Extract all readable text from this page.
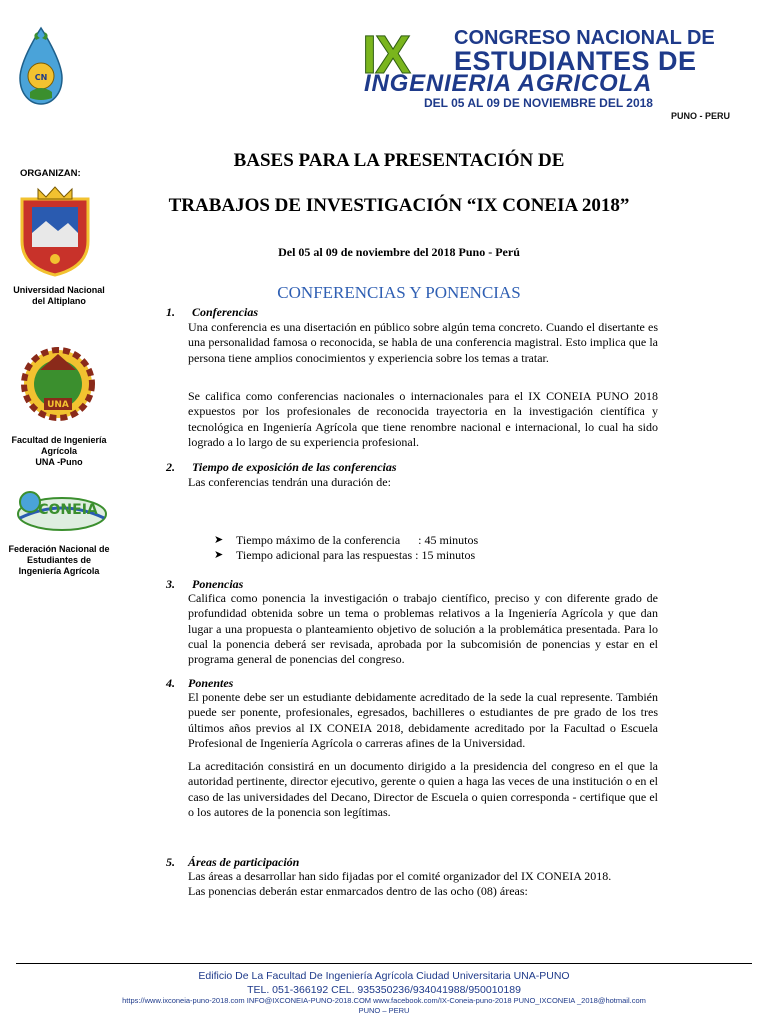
CN	IX CONGRESO NACIONAL DE
ESTUDIANTES DE
INGENIERIA AGRICOLA
DEL 05 AL 09 DE NOVIEMBRE DEL 2018
PUNO - PERU
ORGANIZAN:
Universidad Nacional
del Altiplano
UNA
Facultad de Ingeniería
Agrícola
UNA -Puno
CONEIA
Federación Nacional de
Estudiantes de
Ingeniería Agrícola
BASES PARA LA PRESENTACIÓN DE
TRABAJOS DE INVESTIGACIÓN “IX CONEIA 2018”
Del 05 al 09 de noviembre del 2018 Puno - Perú
CONFERENCIAS Y PONENCIAS
1. Conferencias
Una conferencia es una disertación en público sobre algún tema concreto. Cuando el disertante es una personalidad famosa o reconocida, se habla de una conferencia magistral. Esto implica que la persona tiene amplios conocimientos y experiencia sobre los temas a tratar.
Se califica como conferencias nacionales o internacionales para el IX CONEIA PUNO 2018 expuestos por los profesionales de reconocida trayectoria en la investigación científica y tecnológica en Ingeniería Agrícola que tiene renombre nacional e internacional, lo cual ha sido logrado a lo largo de su experiencia profesional.
2. Tiempo de exposición de las conferencias
Las conferencias tendrán una duración de:
➤ Tiempo máximo de la conferencia      : 45 minutos
➤ Tiempo adicional para las respuestas : 15 minutos
3. Ponencias
Califica como ponencia la investigación o trabajo científico, preciso y con diferente grado de profundidad obtenida sobre un tema o problemas relativos a la Ingeniería Agrícola y que dan lugar a una propuesta o planteamiento objetivo de solución a la problemática presentada. Para lo cual la ponencia deberá ser revisada, aprobada por la subcomisión de ponencias y estar en el programa general de ponencias del congreso.
4. Ponentes
El ponente debe ser un estudiante debidamente acreditado de la sede la cual represente. También puede ser ponente, profesionales, egresados, bachilleres o estudiantes de pre grado de los tres últimos años previos al IX CONEIA 2018, debidamente acreditado por la Facultad o Escuela Profesional de Ingeniería Agrícola o carreras afines de la Universidad.
La acreditación consistirá en un documento dirigido a la presidencia del congreso en el que la autoridad pertinente, director ejecutivo, gerente o quien a haga las veces de una institución o en el caso de las universidades del Decano, Director de Escuela o quien corresponda - certifique que el o los autores de la ponencia son legítimas.
5. Áreas de participación
Las áreas a desarrollar han sido fijadas por el comité organizador del IX CONEIA 2018.
Las ponencias deberán estar enmarcados dentro de las ocho (08) áreas:
Edificio De La Facultad De Ingeniería Agrícola Ciudad Universitaria UNA-PUNO
TEL. 051-366192 CEL. 935350236/934041988/950010189
https://www.ixconeia-puno-2018.com INFO@IXCONEIA-PUNO-2018.COM www.facebook.com/IX-Coneia-puno-2018 PUNO_IXCONEIA _2018@hotmail.com
PUNO – PERU
